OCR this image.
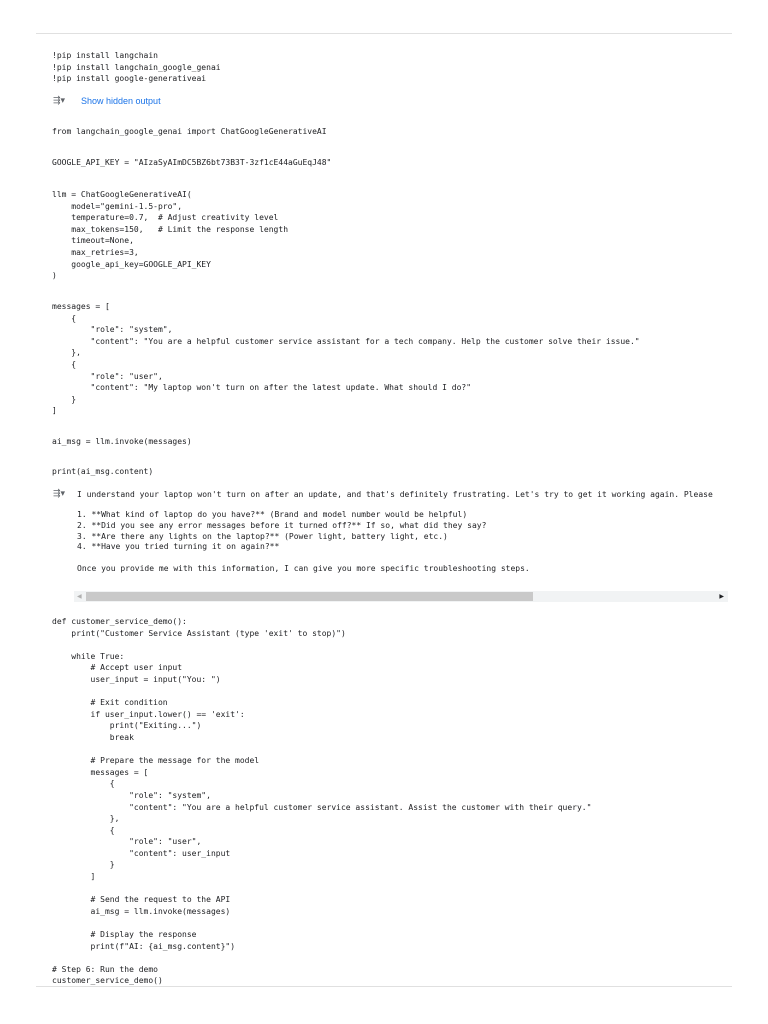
!pip install langchain
!pip install langchain_google_genai
!pip install google-generativeai
⇶▾ Show hidden output
from langchain_google_genai import ChatGoogleGenerativeAI
GOOGLE_API_KEY = "AIzaSyAImDC5BZ6bt73B3T-3zf1cE44aGuEqJ48"
llm = ChatGoogleGenerativeAI(
model="gemini-1.5-pro",
temperature=0.7,  # Adjust creativity level
max_tokens=150,   # Limit the response length
timeout=None,
max_retries=3,
google_api_key=GOOGLE_API_KEY
)
messages = [
{
"role": "system",
"content": "You are a helpful customer service assistant for a tech company. Help the customer solve their issue."
},
{
"role": "user",
"content": "My laptop won't turn on after the latest update. What should I do?"
}
]
ai_msg = llm.invoke(messages)
print(ai_msg.content)
⇶▾ I understand your laptop won't turn on after an update, and that's definitely frustrating. Let's try to get it working again. Please
1. **What kind of laptop do you have?** (Brand and model number would be helpful)
2. **Did you see any error messages before it turned off?** If so, what did they say?
3. **Are there any lights on the laptop?** (Power light, battery light, etc.)
4. **Have you tried turning it on again?**
Once you provide me with this information, I can give you more specific troubleshooting steps.
◀	▶
def customer_service_demo():
print("Customer Service Assistant (type 'exit' to stop)")

while True:
# Accept user input
user_input = input("You: ")

# Exit condition
if user_input.lower() == 'exit':
print("Exiting...")
break

# Prepare the message for the model
messages = [
{
"role": "system",
"content": "You are a helpful customer service assistant. Assist the customer with their query."
},
{
"role": "user",
"content": user_input
}
]

# Send the request to the API
ai_msg = llm.invoke(messages)

# Display the response
print(f"AI: {ai_msg.content}")

# Step 6: Run the demo
customer_service_demo()
